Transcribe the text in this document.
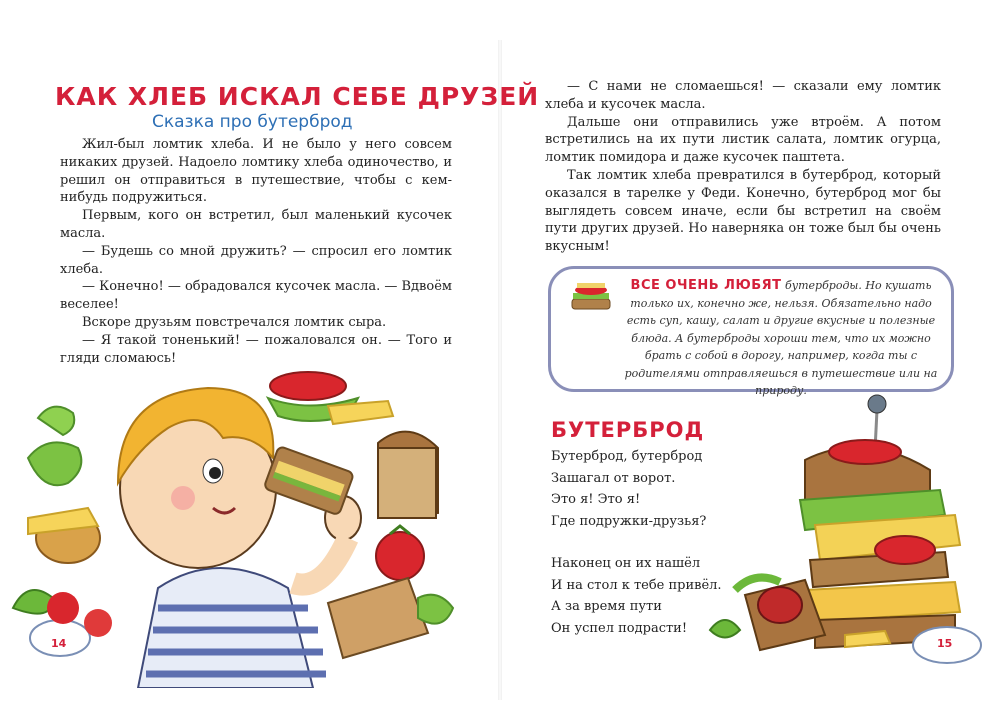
КАК ХЛЕБ ИСКАЛ СЕБЕ ДРУЗЕЙ
Сказка про бутерброд

Жил-был ломтик хлеба. И не было у него совсем никаких друзей. Надоело ломтику хлеба одиночество, и решил он отправиться в путешествие, чтобы с кем-нибудь подружиться.

Первым, кого он встретил, был маленький кусочек масла.

— Будешь со мной дружить? — спросил его ломтик хлеба.

— Конечно! — обрадовался кусочек масла. — Вдвоём веселее!

Вскоре друзьям повстречался ломтик сыра.

— Я такой тоненький! — пожаловался он. — Того и гляди сломаюсь!

14

— С нами не сломаешься! — сказали ему ломтик хлеба и кусочек масла.

Дальше они отправились уже втроём. А потом встретились на их пути листик салата, ломтик огурца, ломтик помидора и даже кусочек паштета.

Так ломтик хлеба превратился в бутерброд, который оказался в тарелке у Феди. Конечно, бутерброд мог бы выглядеть совсем иначе, если бы встретил на своём пути других друзей. Но наверняка он тоже был бы очень вкусным!

ВСЕ ОЧЕНЬ ЛЮБЯТ бутерброды. Но кушать только их, конечно же, нельзя. Обязательно надо есть суп, кашу, салат и другие вкусные и полезные блюда. А бутерброды хороши тем, что их можно брать с собой в дорогу, например, когда ты с родителями отправляешься в путешествие или на природу.
БУТЕРБРОД
Бутерброд, бутерброд
Зашагал от ворот.
Это я! Это я!
Где подружки-друзья?
Наконец он их нашёл
И на стол к тебе привёл.
А за время пути
Он успел подрасти!
15
